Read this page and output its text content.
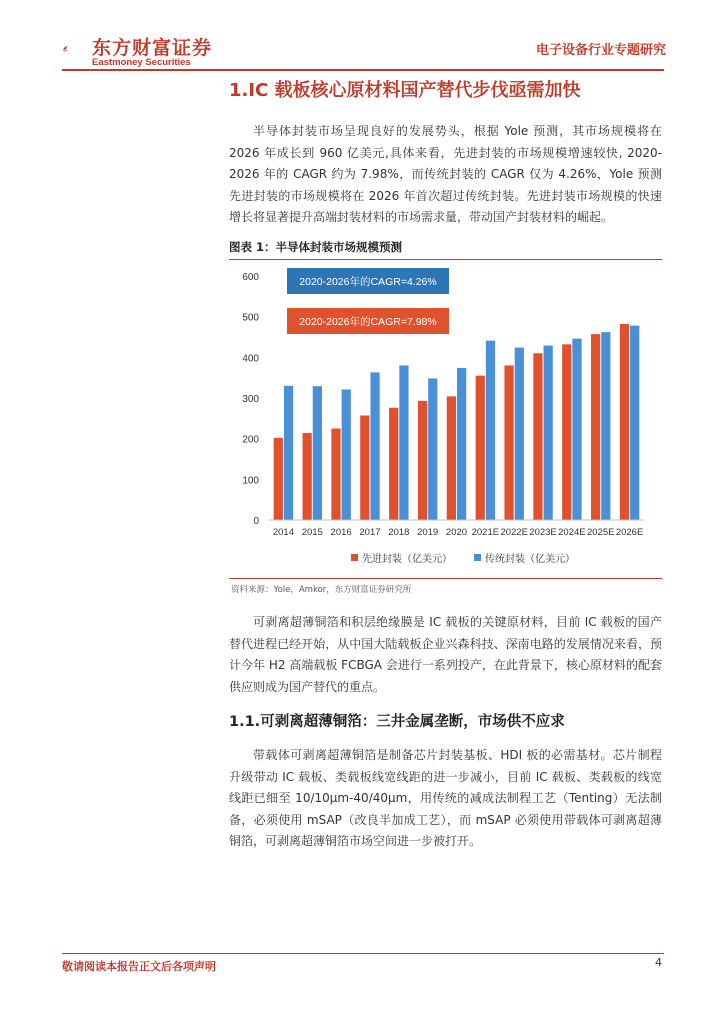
东方财富证券
Eastmoney Securities
电子设备行业专题研究
1.IC 载板核心原材料国产替代步伐亟需加快

半导体封装市场呈现良好的发展势头，根据 Yole 预测，其市场规模将在 2026 年成长到 960 亿美元,具体来看，先进封装的市场规模增速较快, 2020-2026 年的 CAGR 约为 7.98%，而传统封装的 CAGR 仅为 4.26%，Yole 预测先进封装的市场规模将在 2026 年首次超过传统封装。先进封装市场规模的快速增长将显著提升高端封装材料的市场需求量，带动国产封装材料的崛起。

图表 1：半导体封装市场规模预测
0
100
200
300
400
500
600
2014 2015 2016 2017 2018 2019 2020 2021E 2022E 2023E 2024E 2025E 2026E
2020-2026年的CAGR=4.26%
2020-2026年的CAGR=7.98%
先进封装（亿美元）	传统封装（亿美元）
资料来源：Yole，Amkor，东方财富证券研究所

可剥离超薄铜箔和积层绝缘膜是 IC 载板的关键原材料，目前 IC 载板的国产替代进程已经开始，从中国大陆载板企业兴森科技、深南电路的发展情况来看，预计今年 H2 高端载板 FCBGA 会进行一系列投产，在此背景下，核心原材料的配套供应则成为国产替代的重点。

1.1.可剥离超薄铜箔：三井金属垄断，市场供不应求

带载体可剥离超薄铜箔是制备芯片封装基板、HDI 板的必需基材。芯片制程升级带动 IC 载板、类载板线宽线距的进一步减小，目前 IC 载板、类载板的线宽线距已细至 10/10μm-40/40μm，用传统的减成法制程工艺（Tenting）无法制备，必须使用 mSAP（改良半加成工艺），而 mSAP 必须使用带载体可剥离超薄铜箔，可剥离超薄铜箔市场空间进一步被打开。

敬请阅读本报告正文后各项声明	4
